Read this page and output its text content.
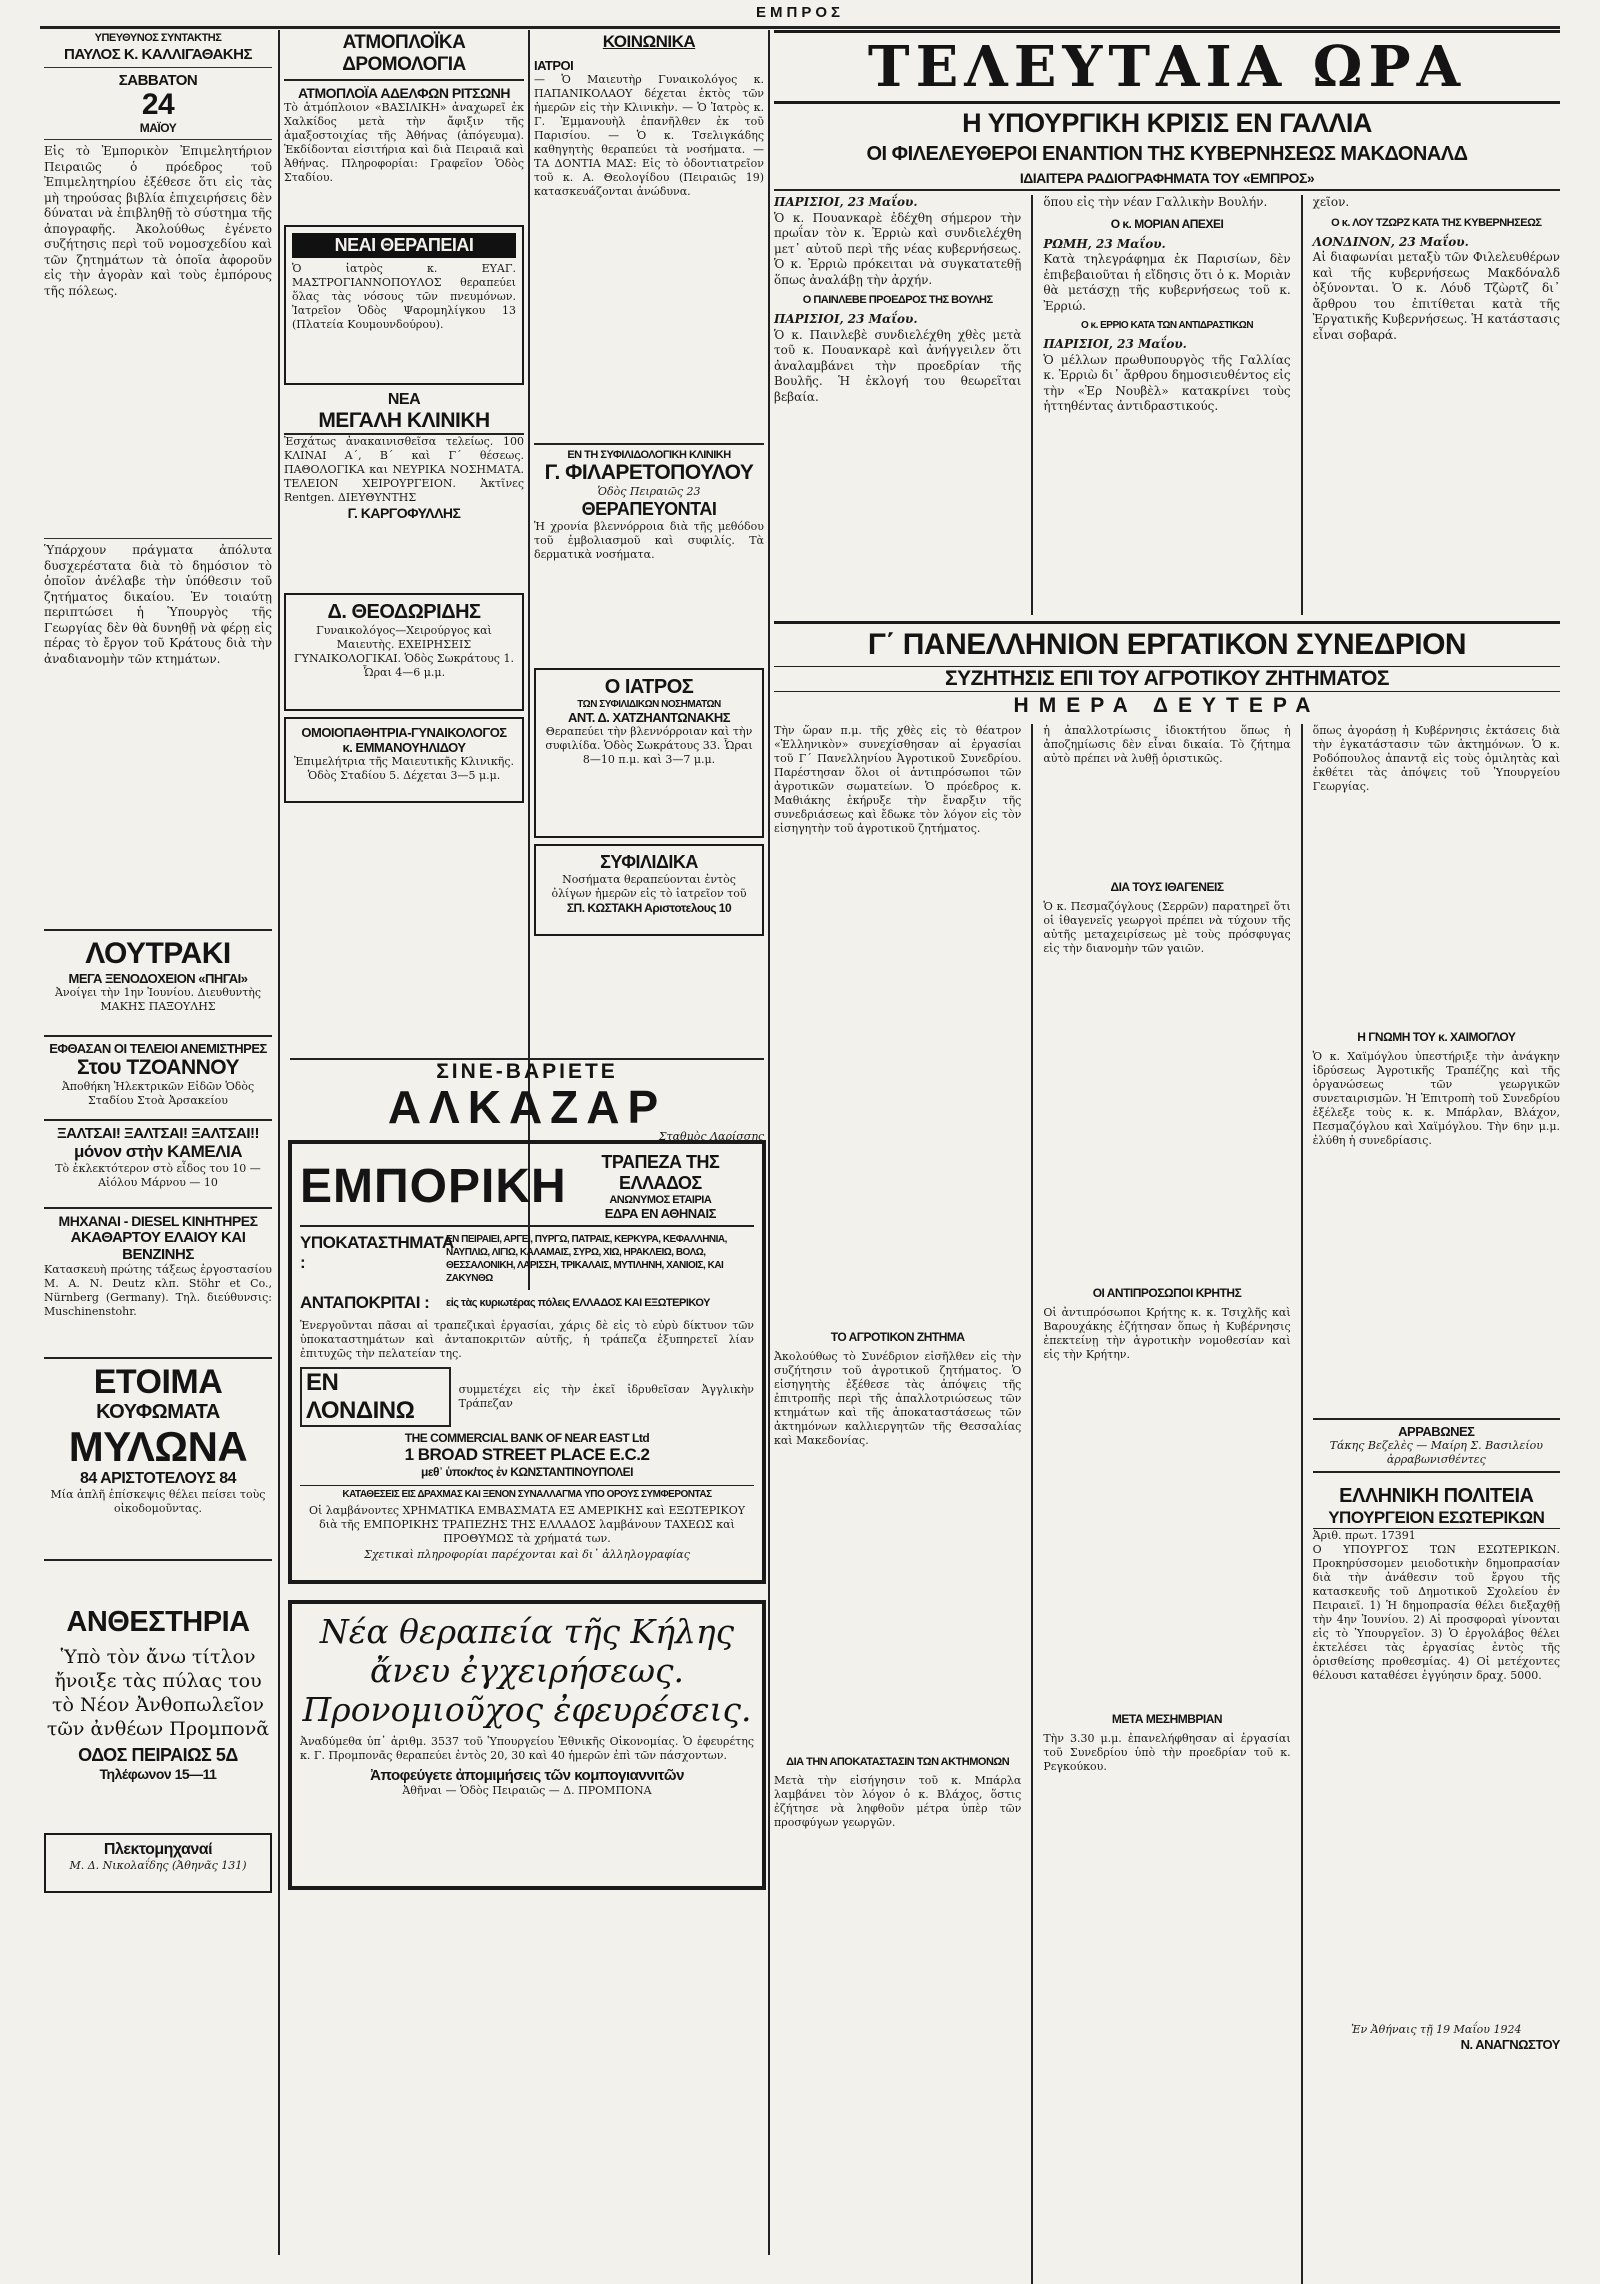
ΕΜΠΡΟΣ
ΥΠΕΥΘΥΝΟΣ ΣΥΝΤΑΚΤΗΣ
ΠΑΥΛΟΣ Κ. ΚΑΛΛΙΓΑΘΑΚΗΣ
ΣΑΒΒΑΤΟΝ
24
ΜΑΪΟΥ
Εἰς τὸ Ἐμπορικὸν Ἐπιμελητήριον Πειραιῶς ὁ πρόεδρος τοῦ Ἐπιμελητηρίου ἐξέθεσε ὅτι εἰς τὰς μὴ τηρούσας βιβλία ἐπιχειρήσεις δὲν δύναται νὰ ἐπιβληθῇ τὸ σύστημα τῆς ἀπογραφῆς. Ἀκολούθως ἐγένετο συζήτησις περὶ τοῦ νομοσχεδίου καὶ τῶν ζητημάτων τὰ ὁποῖα ἀφοροῦν εἰς τὴν ἀγορὰν καὶ τοὺς ἐμπόρους τῆς πόλεως.
Ὑπάρχουν πράγματα ἀπόλυτα δυσχερέστατα διὰ τὸ δημόσιον τὸ ὁποῖον ἀνέλαβε τὴν ὑπόθεσιν τοῦ ζητήματος δικαίου. Ἐν τοιαύτῃ περιπτώσει ἡ Ὑπουργὸς τῆς Γεωργίας δὲν θὰ δυνηθῇ νὰ φέρῃ εἰς πέρας τὸ ἔργον τοῦ Κράτους διὰ τὴν ἀναδιανομὴν τῶν κτημάτων.
ΛΟΥΤΡΑΚΙ
ΜΕΓΑ ΞΕΝΟΔΟΧΕΙΟΝ «ΠΗΓΑΙ»
Ἀνοίγει τὴν 1ην Ἰουνίου. Διευθυντὴς ΜΑΚΗΣ ΠΑΞΟΥΛΗΣ
ΕΦΘΑΣΑΝ ΟΙ ΤΕΛΕΙΟΙ ΑΝΕΜΙΣΤΗΡΕΣ
Στου ΤΖΟΑΝΝΟΥ
Ἀποθήκη Ἠλεκτρικῶν Εἰδῶν Ὁδὸς Σταδίου Στοὰ Ἀρσακείου
ΞΑΛΤΣΑΙ! ΞΑΛΤΣΑΙ! ΞΑΛΤΣΑΙ!!
μόνον στὴν ΚΑΜΕΛΙΑ
Τὸ ἐκλεκτότερον στὸ εἶδος του 10 — Αἰόλου Μάρνου — 10
ΜΗΧΑΝΑΙ - DIESEL ΚΙΝΗΤΗΡΕΣ
ΑΚΑΘΑΡΤΟΥ ΕΛΑΙΟΥ ΚΑΙ ΒΕΝΖΙΝΗΣ
Κατασκευὴ πρώτης τάξεως ἐργοστασίου Μ. Α. Ν. Deutz κλπ. Stöhr et Co., Nürnberg (Germany). Τηλ. διεύθυνσις: Muschinenstohr.
ΕΤΟΙΜΑ
ΚΟΥΦΩΜΑΤΑ
ΜΥΛΩΝΑ
84 ΑΡΙΣΤΟΤΕΛΟΥΣ 84
Μία ἁπλῆ ἐπίσκεψις θέλει πείσει τοὺς οἰκοδομοῦντας.
ΑΝΘΕΣΤΗΡΙΑ
Ὑπὸ τὸν ἄνω τίτλον ἤνοιξε τὰς πύλας του τὸ Νέον Ἀνθοπωλεῖον τῶν ἀνθέων Προμπονᾶ
ΟΔΟΣ ΠΕΙΡΑΙΩΣ 5Δ
Τηλέφωνον 15—11
Πλεκτομηχαναί
Μ. Δ. Νικολαΐδης (Ἀθηνᾶς 131)
ΑΤΜΟΠΛΟΪΚΑ ΔΡΟΜΟΛΟΓΙΑ
ΑΤΜΟΠΛΟΪΑ ΑΔΕΛΦΩΝ ΡΙΤΣΩΝΗ
Τὸ ἀτμόπλοιον «ΒΑΣΙΛΙΚΗ» ἀναχωρεῖ ἐκ Χαλκίδος μετὰ τὴν ἄφιξιν τῆς ἁμαξοστοιχίας τῆς Ἀθήνας (ἀπόγευμα). Ἐκδίδονται εἰσιτήρια καὶ διὰ Πειραιᾶ καὶ Ἀθήνας. Πληροφορίαι: Γραφεῖον Ὁδὸς Σταδίου.
ΝΕΑΙ ΘΕΡΑΠΕΙΑΙ
Ὁ ἰατρὸς κ. ΕΥΑΓ. ΜΑΣΤΡΟΓΙΑΝΝΟΠΟΥΛΟΣ θεραπεύει ὅλας τὰς νόσους τῶν πνευμόνων. Ἰατρεῖον Ὁδὸς Ψαρομηλίγκου 13 (Πλατεία Κουμουνδούρου).
ΝΕΑ
ΜΕΓΑΛΗ ΚΛΙΝΙΚΗ
Ἐσχάτως ἀνακαινισθεῖσα τελείως. 100 ΚΛΙΝΑΙ Α΄, Β΄ καὶ Γ΄ θέσεως. ΠΑΘΟΛΟΓΙΚΑ και ΝΕΥΡΙΚΑ ΝΟΣΗΜΑΤΑ. ΤΕΛΕΙΟΝ ΧΕΙΡΟΥΡΓΕΙΟΝ. Ἀκτῖνες Rentgen. ΔΙΕΥΘΥΝΤΗΣ
Γ. ΚΑΡΓΟΦΥΛΛΗΣ
Δ. ΘΕΟΔΩΡΙΔΗΣ
Γυναικολόγος—Χειρούργος καὶ Μαιευτὴς. ΕΧΕΙΡΗΣΕΙΣ ΓΥΝΑΙΚΟΛΟΓΙΚΑΙ. Ὁδὸς Σωκράτους 1. Ὧραι 4—6 μ.μ.
ΟΜΟΙΟΠΑΘΗΤΡΙΑ-ΓΥΝΑΙΚΟΛΟΓΟΣ
κ. ΕΜΜΑΝΟΥΗΛΙΔΟΥ
Ἐπιμελήτρια τῆς Μαιευτικῆς Κλινικῆς. Ὁδὸς Σταδίου 5. Δέχεται 3—5 μ.μ.
ΚΟΙΝΩΝΙΚΑ
ΙΑΤΡΟΙ
— Ὁ Μαιευτὴρ Γυναικολόγος κ. ΠΑΠΑΝΙΚΟΛΑΟΥ δέχεται ἐκτὸς τῶν ἡμερῶν εἰς τὴν Κλινικὴν. — Ὁ Ἰατρὸς κ. Γ. Ἐμμανουὴλ ἐπανῆλθεν ἐκ τοῦ Παρισίου. — Ὁ κ. Τσελιγκάδης καθηγητὴς θεραπεύει τὰ νοσήματα. — ΤΑ ΔΟΝΤΙΑ ΜΑΣ: Εἰς τὸ ὀδοντιατρεῖον τοῦ κ. Α. Θεολογίδου (Πειραιῶς 19) κατασκευάζονται ἀνώδυνα.
ΕΝ ΤΗ ΣΥΦΙΛΙΔΟΛΟΓΙΚΗ ΚΛΙΝΙΚΗ
Γ. ΦΙΛΑΡΕΤΟΠΟΥΛΟΥ
Ὁδὸς Πειραιῶς 23
ΘΕΡΑΠΕΥΟΝΤΑΙ
Ἡ χρονία βλεννόρροια διὰ τῆς μεθόδου τοῦ ἐμβολιασμοῦ καὶ συφιλίς. Τὰ δερματικὰ νοσήματα.
Ο ΙΑΤΡΟΣ
ΤΩΝ ΣΥΦΙΛΙΔΙΚΩΝ ΝΟΣΗΜΑΤΩΝ
ΑΝΤ. Δ. ΧΑΤΖΗΑΝΤΩΝΑΚΗΣ
Θεραπεύει τὴν βλεννόρροιαν καὶ τὴν συφιλίδα. Ὁδὸς Σωκράτους 33. Ὧραι 8—10 π.μ. καὶ 3—7 μ.μ.
ΣΥΦΙΛΙΔΙΚΑ
Νοσήματα θεραπεύονται ἐντὸς ὀλίγων ἡμερῶν εἰς τὸ ἰατρεῖον τοῦ
ΣΠ. ΚΩΣΤΑΚΗ Αριστοτελους 10
ΣΙΝΕ-ΒΑΡΙΕΤΕ
ΑΛΚΑΖΑΡ
Σταθμὸς Λαρίσσης
ΕΜΠΟΡΙΚΗ	ΤΡΑΠΕΖΑ ΤΗΣ ΕΛΛΑΔΟΣ
ΑΝΩΝΥΜΟΣ ΕΤΑΙΡΙΑ
ΕΔΡΑ ΕΝ ΑΘΗΝΑΙΣ
ΥΠΟΚΑΤΑΣΤΗΜΑΤΑ :
ΕΝ ΠΕΙΡΑΙΕΙ, ΑΡΓΕΙ, ΠΥΡΓΩ, ΠΑΤΡΑΙΣ, ΚΕΡΚΥΡΑ, ΚΕΦΑΛΛΗΝΙΑ, ΝΑΥΠΛΙΩ, ΛΙΓΙΩ, ΚΑΛΑΜΑΙΣ, ΣΥΡΩ, ΧΙΩ, ΗΡΑΚΛΕΙΩ, ΒΟΛΩ, ΘΕΣΣΑΛΟΝΙΚΗ, ΛΑΡΙΣΣΗ, ΤΡΙΚΑΛΑΙΣ, ΜΥΤΙΛΗΝΗ, ΧΑΝΙΟΙΣ, ΚΑΙ ΖΑΚΥΝΘΩ
ΑΝΤΑΠΟΚΡΙΤΑΙ :	εἰς τὰς κυριωτέρας πόλεις ΕΛΛΑΔΟΣ ΚΑΙ ΕΞΩΤΕΡΙΚΟΥ
Ἐνεργοῦνται πᾶσαι αἱ τραπεζικαὶ ἐργασίαι, χάρις δὲ εἰς τὸ εὐρὺ δίκτυον τῶν ὑποκαταστημάτων καὶ ἀνταποκριτῶν αὐτῆς, ἡ τράπεζα ἐξυπηρετεῖ λίαν ἐπιτυχῶς τὴν πελατείαν της.
ΕΝ ΛΟΝΔΙΝΩ
συμμετέχει εἰς τὴν ἐκεῖ ἱδρυθεῖσαν Ἀγγλικὴν Τράπεζαν
THE COMMERCIAL BANK OF NEAR EAST Ltd
1 BROAD STREET PLACE E.C.2
μεθ᾽ ὑποκ/τος ἐν ΚΩΝΣΤΑΝΤΙΝΟΥΠΟΛΕΙ
ΚΑΤΑΘΕΣΕΙΣ ΕΙΣ ΔΡΑΧΜΑΣ ΚΑΙ ΞΕΝΟΝ ΣΥΝΑΛΛΑΓΜΑ ΥΠΟ ΟΡΟΥΣ ΣΥΜΦΕΡΟΝΤΑΣ
Οἱ λαμβάνοντες ΧΡΗΜΑΤΙΚΑ ΕΜΒΑΣΜΑΤΑ ΕΞ ΑΜΕΡΙΚΗΣ καὶ ΕΞΩΤΕΡΙΚΟΥ διὰ τῆς ΕΜΠΟΡΙΚΗΣ ΤΡΑΠΕΖΗΣ ΤΗΣ ΕΛΛΑΔΟΣ λαμβάνουν ΤΑΧΕΩΣ καὶ ΠΡΟΘΥΜΩΣ τὰ χρήματά των.
Σχετικαὶ πληροφορίαι παρέχονται καὶ δι᾽ ἀλληλογραφίας
Νέα θεραπεία τῆς Κήλης
ἄνευ ἐγχειρήσεως.
Προνομιοῦχος ἐφευρέσεις.
Ἀναδύμεθα ὑπ᾽ ἀριθμ. 3537 τοῦ Ὑπουργείου Ἐθνικῆς Οἰκονομίας. Ὁ ἐφευρέτης κ. Γ. Προμπονᾶς θεραπεύει ἐντὸς 20, 30 καὶ 40 ἡμερῶν ἐπὶ τῶν πάσχοντων.
Ἀποφεύγετε ἀπομιμήσεις τῶν κομπογιαννιτῶν
Ἀθῆναι — Ὁδὸς Πειραιῶς — Δ. ΠΡΟΜΠΟΝΑ
ΤΕΛΕΥΤΑΙΑ ΩΡΑ
Η ΥΠΟΥΡΓΙΚΗ ΚΡΙΣΙΣ ΕΝ ΓΑΛΛΙΑ
ΟΙ ΦΙΛΕΛΕΥΘΕΡΟΙ ΕΝΑΝΤΙΟΝ ΤΗΣ ΚΥΒΕΡΝΗΣΕΩΣ ΜΑΚΔΟΝΑΛΔ
ΙΔΙΑΙΤΕΡΑ ΡΑΔΙΟΓΡΑΦΗΜΑΤΑ ΤΟΥ «ΕΜΠΡΟΣ»
ΠΑΡΙΣΙΟΙ, 23 Μαΐου.
Ὁ κ. Πουανκαρὲ ἐδέχθη σήμερον τὴν πρωΐαν τὸν κ. Ἐρριὼ καὶ συνδιελέχθη μετ᾽ αὐτοῦ περὶ τῆς νέας κυβερνήσεως. Ὁ κ. Ἐρριὼ πρόκειται νὰ συγκατατεθῇ ὅπως ἀναλάβῃ τὴν ἀρχήν.
Ο ΠΑΙΝΛΕΒΕ ΠΡΟΕΔΡΟΣ ΤΗΣ ΒΟΥΛΗΣ
ΠΑΡΙΣΙΟΙ, 23 Μαΐου.
Ὁ κ. Παινλεβὲ συνδιελέχθη χθὲς μετὰ τοῦ κ. Πουανκαρὲ καὶ ἀνήγγειλεν ὅτι ἀναλαμβάνει τὴν προεδρίαν τῆς Βουλῆς. Ἡ ἐκλογή του θεωρεῖται βεβαία.
ὅπου εἰς τὴν νέαν Γαλλικὴν Βουλήν.
Ο κ. ΜΟΡΙΑΝ ΑΠΕΧΕΙ
ΡΩΜΗ, 23 Μαΐου.
Κατὰ τηλεγράφημα ἐκ Παρισίων, δὲν ἐπιβεβαιοῦται ἡ εἴδησις ὅτι ὁ κ. Μοριὰν θὰ μετάσχῃ τῆς κυβερνήσεως τοῦ κ. Ἐρριώ.
Ο κ. ΕΡΡΙΟ ΚΑΤΑ ΤΩΝ ΑΝΤΙΔΡΑΣΤΙΚΩΝ
ΠΑΡΙΣΙΟΙ, 23 Μαΐου.
Ὁ μέλλων πρωθυπουργὸς τῆς Γαλλίας κ. Ἐρριὼ δι᾽ ἄρθρου δημοσιευθέντος εἰς τὴν «Ἐρ Νουβὲλ» κατακρίνει τοὺς ἡττηθέντας ἀντιδραστικούς.
χεῖον.
Ο κ. ΛΟΥ ΤΖΩΡΖ ΚΑΤΑ ΤΗΣ ΚΥΒΕΡΝΗΣΕΩΣ
ΛΟΝΔΙΝΟΝ, 23 Μαΐου.
Αἱ διαφωνίαι μεταξὺ τῶν Φιλελευθέρων καὶ τῆς κυβερνήσεως Μακδόναλδ ὀξύνονται. Ὁ κ. Λόυδ Τζὼρτζ δι᾽ ἄρθρου του ἐπιτίθεται κατὰ τῆς Ἐργατικῆς Κυβερνήσεως. Ἡ κατάστασις εἶναι σοβαρά.
Γ΄ ΠΑΝΕΛΛΗΝΙΟΝ ΕΡΓΑΤΙΚΟΝ ΣΥΝΕΔΡΙΟΝ
ΣΥΖΗΤΗΣΙΣ ΕΠΙ ΤΟΥ ΑΓΡΟΤΙΚΟΥ ΖΗΤΗΜΑΤΟΣ
ΗΜΕΡΑ ΔΕΥΤΕΡΑ
Τὴν ὥραν π.μ. τῆς χθὲς εἰς τὸ θέατρον «Ἑλληνικὸν» συνεχίσθησαν αἱ ἐργασίαι τοῦ Γ΄ Πανελληνίου Ἀγροτικοῦ Συνεδρίου. Παρέστησαν ὅλοι οἱ ἀντιπρόσωποι τῶν ἀγροτικῶν σωματείων. Ὁ πρόεδρος κ. Μαθιάκης ἐκήρυξε τὴν ἔναρξιν τῆς συνεδριάσεως καὶ ἔδωκε τὸν λόγον εἰς τὸν εἰσηγητὴν τοῦ ἀγροτικοῦ ζητήματος.
ΤΟ ΑΓΡΟΤΙΚΟΝ ΖΗΤΗΜΑ
Ἀκολούθως τὸ Συνέδριον εἰσῆλθεν εἰς τὴν συζήτησιν τοῦ ἀγροτικοῦ ζητήματος. Ὁ εἰσηγητὴς ἐξέθεσε τὰς ἀπόψεις τῆς ἐπιτροπῆς περὶ τῆς ἀπαλλοτριώσεως τῶν κτημάτων καὶ τῆς ἀποκαταστάσεως τῶν ἀκτημόνων καλλιεργητῶν τῆς Θεσσαλίας καὶ Μακεδονίας.
ΔΙΑ ΤΗΝ ΑΠΟΚΑΤΑΣΤΑΣΙΝ ΤΩΝ ΑΚΤΗΜΟΝΩΝ
Μετὰ τὴν εἰσήγησιν τοῦ κ. Μπάρλα λαμβάνει τὸν λόγον ὁ κ. Βλάχος, ὅστις ἐζήτησε νὰ ληφθοῦν μέτρα ὑπὲρ τῶν προσφύγων γεωργῶν.
ἡ ἀπαλλοτρίωσις ἰδιοκτήτου ὅπως ἡ ἀποζημίωσις δὲν εἶναι δικαία. Τὸ ζήτημα αὐτὸ πρέπει νὰ λυθῇ ὁριστικῶς.
ΔΙΑ ΤΟΥΣ ΙΘΑΓΕΝΕΙΣ
Ὁ κ. Πεσμαζόγλους (Σερρῶν) παρατηρεῖ ὅτι οἱ ἰθαγενεῖς γεωργοὶ πρέπει νὰ τύχουν τῆς αὐτῆς μεταχειρίσεως μὲ τοὺς πρόσφυγας εἰς τὴν διανομὴν τῶν γαιῶν.
ΟΙ ΑΝΤΙΠΡΟΣΩΠΟΙ ΚΡΗΤΗΣ
Οἱ ἀντιπρόσωποι Κρήτης κ. κ. Τσιχλῆς καὶ Βαρουχάκης ἐζήτησαν ὅπως ἡ Κυβέρνησις ἐπεκτείνῃ τὴν ἀγροτικὴν νομοθεσίαν καὶ εἰς τὴν Κρήτην.
ΜΕΤΑ ΜΕΣΗΜΒΡΙΑΝ
Τὴν 3.30 μ.μ. ἐπανελήφθησαν αἱ ἐργασίαι τοῦ Συνεδρίου ὑπὸ τὴν προεδρίαν τοῦ κ. Ρεγκούκου.
ὅπως ἀγοράσῃ ἡ Κυβέρνησις ἐκτάσεις διὰ τὴν ἐγκατάστασιν τῶν ἀκτημόνων. Ὁ κ. Ροδόπουλος ἀπαντᾷ εἰς τοὺς ὁμιλητὰς καὶ ἐκθέτει τὰς ἀπόψεις τοῦ Ὑπουργείου Γεωργίας.
Η ΓΝΩΜΗ ΤΟΥ κ. ΧΑΙΜΟΓΛΟΥ
Ὁ κ. Χαϊμόγλου ὑπεστήριξε τὴν ἀνάγκην ἱδρύσεως Ἀγροτικῆς Τραπέζης καὶ τῆς ὀργανώσεως τῶν γεωργικῶν συνεταιρισμῶν. Ἡ Ἐπιτροπὴ τοῦ Συνεδρίου ἐξέλεξε τοὺς κ. κ. Μπάρλαν, Βλάχον, Πεσμαζόγλου καὶ Χαϊμόγλου. Τὴν 6ην μ.μ. ἐλύθη ἡ συνεδρίασις.
ΑΡΡΑΒΩΝΕΣ
Τάκης Βεζελὲς — Μαίρη Σ. Βασιλείου ἀρραβωνισθέντες
ΕΛΛΗΝΙΚΗ ΠΟΛΙΤΕΙΑ
ΥΠΟΥΡΓΕΙΟΝ ΕΣΩΤΕΡΙΚΩΝ
Ἀριθ. πρωτ. 17391
Ο ΥΠΟΥΡΓΟΣ ΤΩΝ ΕΣΩΤΕΡΙΚΩΝ. Προκηρύσσομεν μειοδοτικὴν δημοπρασίαν διὰ τὴν ἀνάθεσιν τοῦ ἔργου τῆς κατασκευῆς τοῦ Δημοτικοῦ Σχολείου ἐν Πειραιεῖ. 1) Ἡ δημοπρασία θέλει διεξαχθῇ τὴν 4ην Ἰουνίου. 2) Αἱ προσφοραὶ γίνονται εἰς τὸ Ὑπουργεῖον. 3) Ὁ ἐργολάβος θέλει ἐκτελέσει τὰς ἐργασίας ἐντὸς τῆς ὁρισθείσης προθεσμίας. 4) Οἱ μετέχοντες θέλουσι καταθέσει ἐγγύησιν δραχ. 5000.
Ἐν Ἀθήναις τῇ 19 Μαΐου 1924
Ν. ΑΝΑΓΝΩΣΤΟΥ
